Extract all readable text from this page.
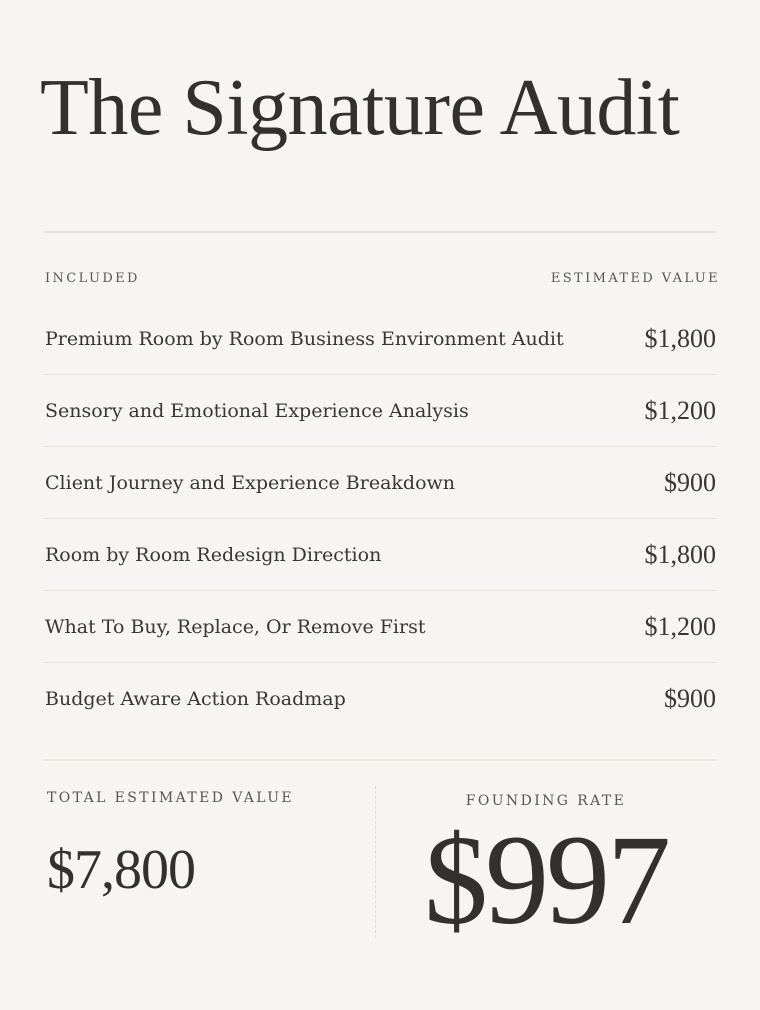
The Signature Audit
INCLUDED	ESTIMATED VALUE
Premium Room by Room Business Environment Audit	$1,800
Sensory and Emotional Experience Analysis	$1,200
Client Journey and Experience Breakdown	$900
Room by Room Redesign Direction	$1,800
What To Buy, Replace, Or Remove First	$1,200
Budget Aware Action Roadmap	$900
TOTAL ESTIMATED VALUE
$7,800
FOUNDING RATE
$997
